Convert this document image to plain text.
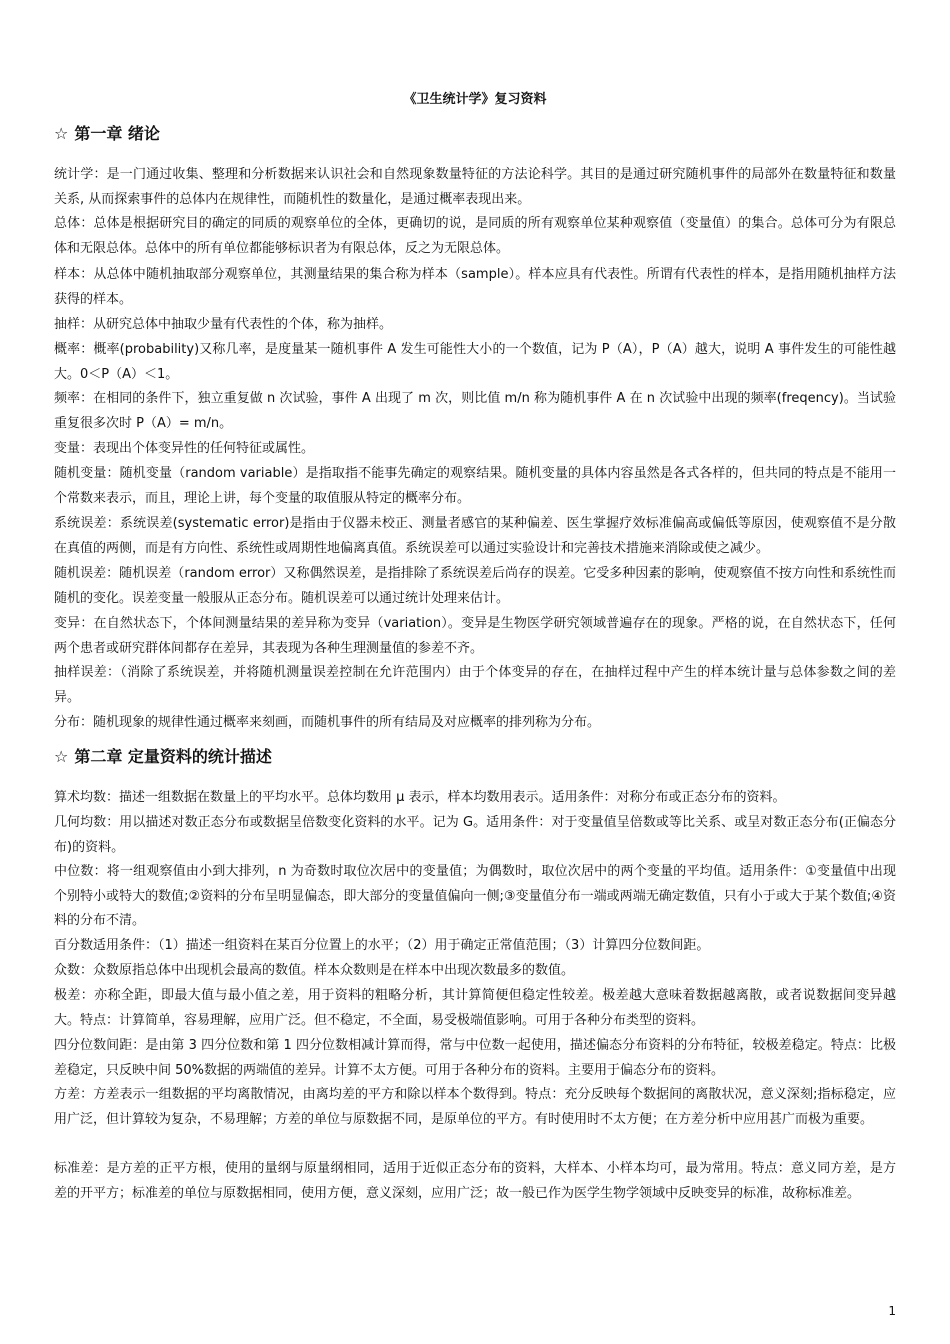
《卫生统计学》复习资料
☆ 第一章 绪论
统计学：是一门通过收集、整理和分析数据来认识社会和自然现象数量特征的方法论科学。其目的是通过研究随机事件的局部外在数量特征和数量关系, 从而探索事件的总体内在规律性，而随机性的数量化，是通过概率表现出来。
总体：总体是根据研究目的确定的同质的观察单位的全体，更确切的说，是同质的所有观察单位某种观察值（变量值）的集合。总体可分为有限总体和无限总体。总体中的所有单位都能够标识者为有限总体，反之为无限总体。
样本：从总体中随机抽取部分观察单位，其测量结果的集合称为样本（sample）。样本应具有代表性。所谓有代表性的样本，是指用随机抽样方法获得的样本。
抽样：从研究总体中抽取少量有代表性的个体，称为抽样。
概率：概率(probability)又称几率，是度量某一随机事件 A 发生可能性大小的一个数值，记为 P（A），P（A）越大，说明 A 事件发生的可能性越大。0＜P（A）＜1。
频率：在相同的条件下，独立重复做 n 次试验，事件 A 出现了 m 次，则比值 m/n 称为随机事件 A 在 n 次试验中出现的频率(freqency)。当试验重复很多次时 P（A）= m/n。
变量：表现出个体变异性的任何特征或属性。
随机变量：随机变量（random variable）是指取指不能事先确定的观察结果。随机变量的具体内容虽然是各式各样的，但共同的特点是不能用一个常数来表示，而且，理论上讲，每个变量的取值服从特定的概率分布。
系统误差：系统误差(systematic error)是指由于仪器未校正、测量者感官的某种偏差、医生掌握疗效标准偏高或偏低等原因，使观察值不是分散在真值的两侧，而是有方向性、系统性或周期性地偏离真值。系统误差可以通过实验设计和完善技术措施来消除或使之减少。
随机误差：随机误差（random error）又称偶然误差，是指排除了系统误差后尚存的误差。它受多种因素的影响，使观察值不按方向性和系统性而随机的变化。误差变量一般服从正态分布。随机误差可以通过统计处理来估计。
变异：在自然状态下，个体间测量结果的差异称为变异（variation）。变异是生物医学研究领域普遍存在的现象。严格的说，在自然状态下，任何两个患者或研究群体间都存在差异，其表现为各种生理测量值的参差不齐。
抽样误差：（消除了系统误差，并将随机测量误差控制在允许范围内）由于个体变异的存在，在抽样过程中产生的样本统计量与总体参数之间的差异。
分布：随机现象的规律性通过概率来刻画，而随机事件的所有结局及对应概率的排列称为分布。
☆ 第二章 定量资料的统计描述
算术均数：描述一组数据在数量上的平均水平。总体均数用 μ 表示，样本均数用表示。适用条件：对称分布或正态分布的资料。
几何均数：用以描述对数正态分布或数据呈倍数变化资料的水平。记为 G。适用条件：对于变量值呈倍数或等比关系、或呈对数正态分布(正偏态分布)的资料。
中位数：将一组观察值由小到大排列，n 为奇数时取位次居中的变量值；为偶数时，取位次居中的两个变量的平均值。适用条件：①变量值中出现个别特小或特大的数值;②资料的分布呈明显偏态，即大部分的变量值偏向一侧;③变量值分布一端或两端无确定数值，只有小于或大于某个数值;④资料的分布不清。
百分数适用条件：（1）描述一组资料在某百分位置上的水平；（2）用于确定正常值范围；（3）计算四分位数间距。
众数：众数原指总体中出现机会最高的数值。样本众数则是在样本中出现次数最多的数值。
极差：亦称全距，即最大值与最小值之差，用于资料的粗略分析，其计算简便但稳定性较差。极差越大意味着数据越离散，或者说数据间变异越大。特点：计算简单，容易理解，应用广泛。但不稳定，不全面，易受极端值影响。可用于各种分布类型的资料。
四分位数间距：是由第 3 四分位数和第 1 四分位数相减计算而得，常与中位数一起使用，描述偏态分布资料的分布特征，较极差稳定。特点：比极差稳定，只反映中间 50%数据的两端值的差异。计算不太方便。可用于各种分布的资料。主要用于偏态分布的资料。
方差：方差表示一组数据的平均离散情况，由离均差的平方和除以样本个数得到。特点：充分反映每个数据间的离散状况，意义深刻;指标稳定，应用广泛，但计算较为复杂，不易理解；方差的单位与原数据不同，是原单位的平方。有时使用时不太方便；在方差分析中应用甚广而极为重要。
标准差：是方差的正平方根，使用的量纲与原量纲相同，适用于近似正态分布的资料，大样本、小样本均可，最为常用。特点：意义同方差，是方差的开平方；标准差的单位与原数据相同，使用方便，意义深刻，应用广泛；故一般已作为医学生物学领域中反映变异的标准，故称标准差。
1
